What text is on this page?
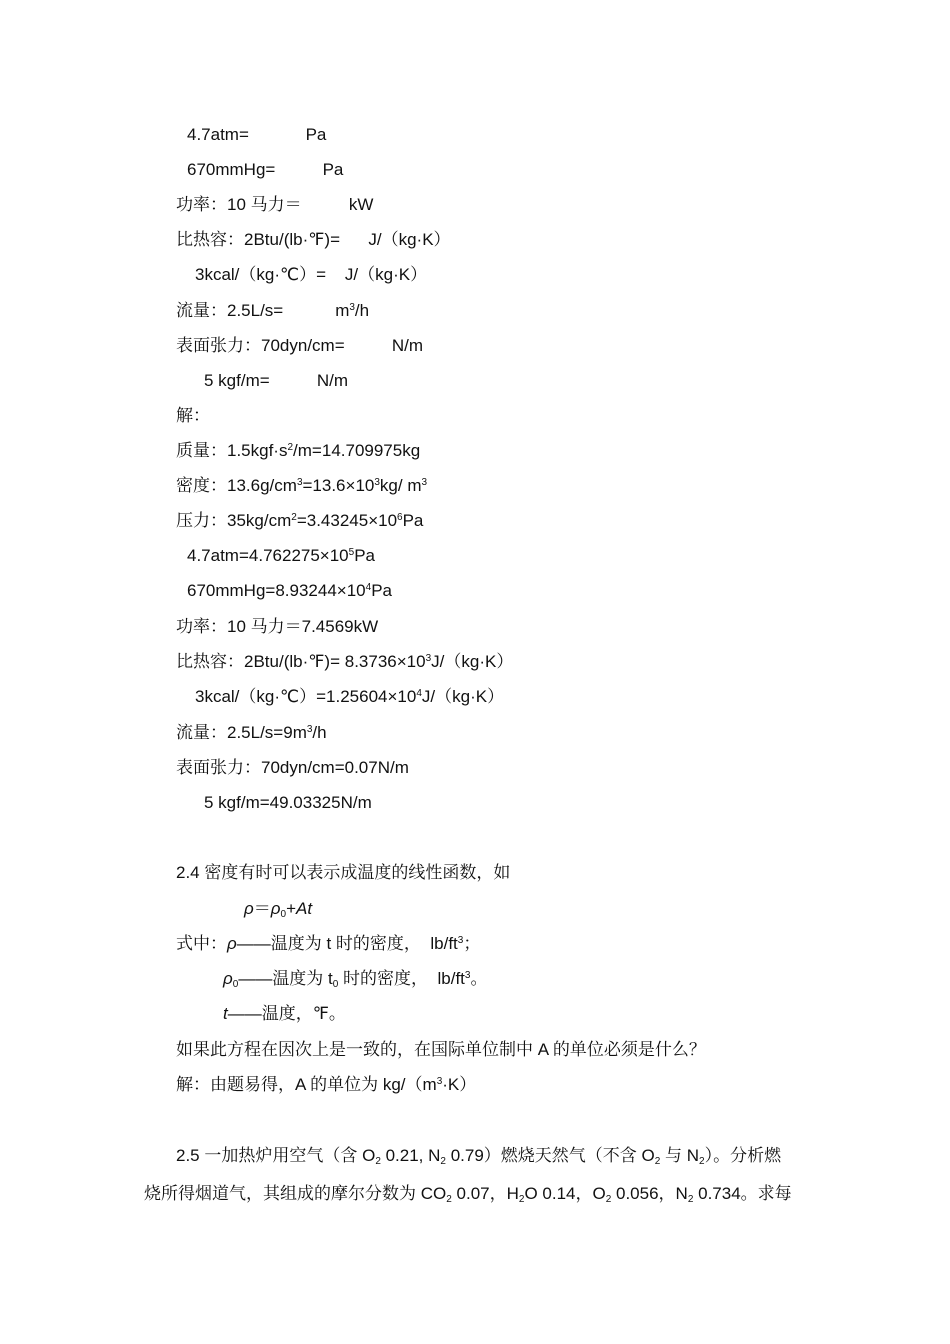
4.7atm=            Pa
670mmHg=          Pa
功率：10 马力＝          kW
比热容：2Btu/(lb·℉)=      J/（kg·K）
3kcal/（kg·℃）=    J/（kg·K）
流量：2.5L/s=           $m^3/h$
表面张力：70dyn/cm=          N/m
5 kgf/m=          N/m
解：
质量：$1.5kgf\cdot s^2/m=14.709975kg$
密度：$13.6g/cm^3=13.6\times 10^3kg/$ $m^3$
压力：$35kg/cm^2=3.43245\times 10^6Pa$
$4.7atm=4.762275\times 10^5Pa$
$670mmHg=8.93244\times 10^4Pa$
功率：10 马力＝7.4569kW
比热容：2Btu/(lb·℉)= $8.3736\times 10^3J/(kg\cdot K)$
$3kcal/(kg\cdot℃)=1.25604\times 10^4J/(kg\cdot K)$
流量：$2.5L/s=9m^3/h$
表面张力：70dyn/cm=0.07N/m
5 kgf/m=49.03325N/m
2.4 密度有时可以表示成温度的线性函数，如
$\rho=\rho_0+At$
式中：ρ——温度为 t 时的密度，  $lb/ft^3$；
$\rho_0——$温度为 $t_0$ 时的密度，  $lb/ft^3$。
t——温度，℉。
如果此方程在因次上是一致的，在国际单位制中 A 的单位必须是什么？
解：由题易得，A 的单位为 $kg/(m^3\cdot K)$
2.5 一加热炉用空气（含 $O_2$ 0.21, $N_2$ 0.79）燃烧天然气（不含 $O_2$ 与 $N_2$）。分析燃
烧所得烟道气，其组成的摩尔分数为 $CO_2$ 0.07，$H_2O$ 0.14，$O_2$ 0.056，$N_2$ 0.734。求每
